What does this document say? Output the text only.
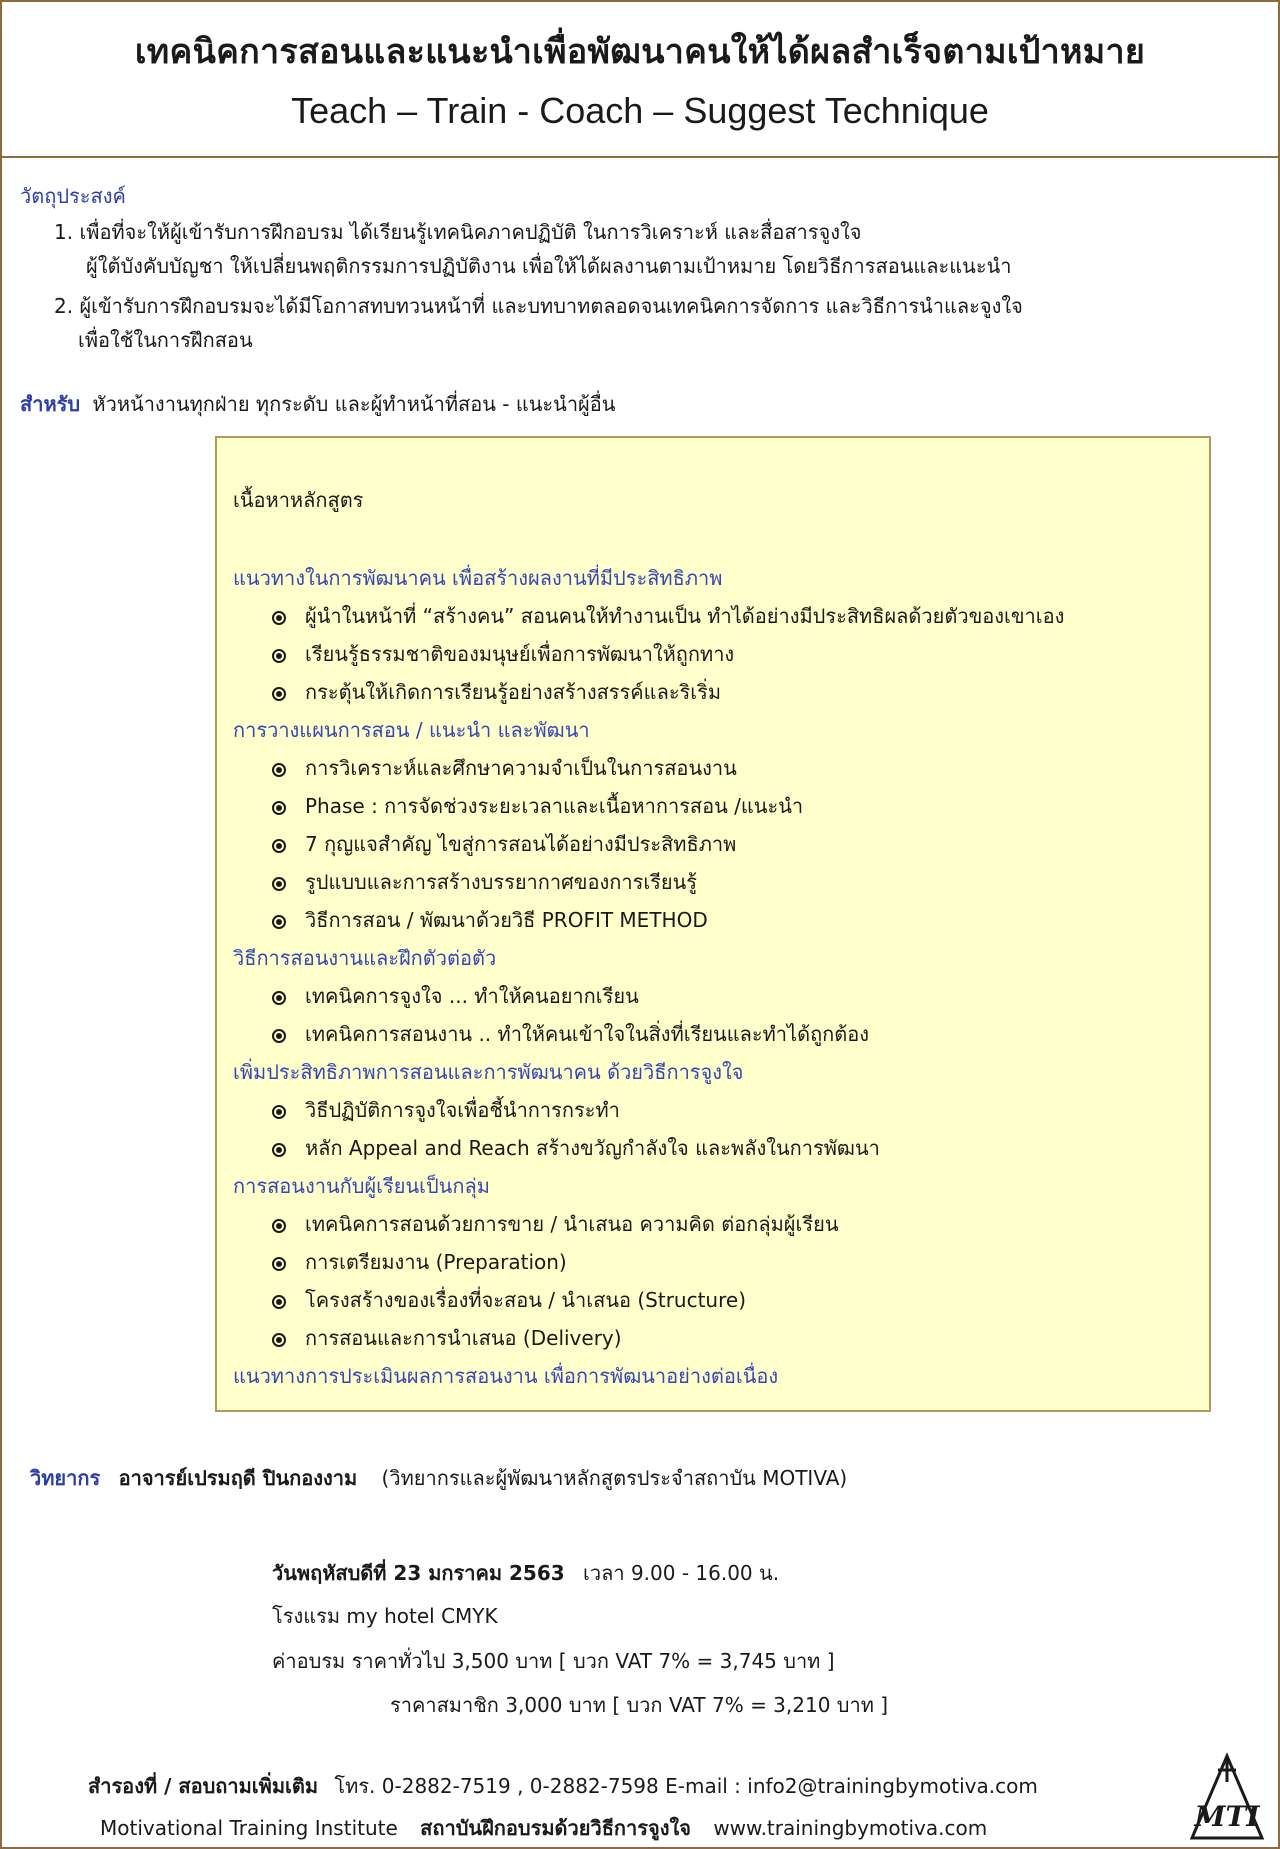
เทคนิคการสอนและแนะนำเพื่อพัฒนาคนให้ได้ผลสำเร็จตามเป้าหมาย
Teach – Train - Coach – Suggest Technique
วัตถุประสงค์
1. เพื่อที่จะให้ผู้เข้ารับการฝึกอบรม ได้เรียนรู้เทคนิคภาคปฏิบัติ ในการวิเคราะห์ และสื่อสารจูงใจ
ผู้ใต้บังคับบัญชา ให้เปลี่ยนพฤติกรรมการปฏิบัติงาน เพื่อให้ได้ผลงานตามเป้าหมาย โดยวิธีการสอนและแนะนำ
2. ผู้เข้ารับการฝึกอบรมจะได้มีโอกาสทบทวนหน้าที่ และบทบาทตลอดจนเทคนิคการจัดการ และวิธีการนำและจูงใจ
เพื่อใช้ในการฝึกสอน
สำหรับ หัวหน้างานทุกฝ่าย ทุกระดับ และผู้ทำหน้าที่สอน - แนะนำผู้อื่น
เนื้อหาหลักสูตร
แนวทางในการพัฒนาคน เพื่อสร้างผลงานที่มีประสิทธิภาพ
ผู้นำในหน้าที่ “สร้างคน” สอนคนให้ทำงานเป็น ทำได้อย่างมีประสิทธิผลด้วยตัวของเขาเอง
เรียนรู้ธรรมชาติของมนุษย์เพื่อการพัฒนาให้ถูกทาง
กระตุ้นให้เกิดการเรียนรู้อย่างสร้างสรรค์และริเริ่ม
การวางแผนการสอน / แนะนำ และพัฒนา
การวิเคราะห์และศึกษาความจำเป็นในการสอนงาน
Phase : การจัดช่วงระยะเวลาและเนื้อหาการสอน /แนะนำ
7 กุญแจสำคัญ ไขสู่การสอนได้อย่างมีประสิทธิภาพ
รูปแบบและการสร้างบรรยากาศของการเรียนรู้
วิธีการสอน / พัฒนาด้วยวิธี PROFIT METHOD
วิธีการสอนงานและฝึกตัวต่อตัว
เทคนิคการจูงใจ ... ทำให้คนอยากเรียน
เทคนิคการสอนงาน .. ทำให้คนเข้าใจในสิ่งที่เรียนและทำได้ถูกต้อง
เพิ่มประสิทธิภาพการสอนและการพัฒนาคน ด้วยวิธีการจูงใจ
วิธีปฏิบัติการจูงใจเพื่อชี้นำการกระทำ
หลัก Appeal and Reach สร้างขวัญกำลังใจ และพลังในการพัฒนา
การสอนงานกับผู้เรียนเป็นกลุ่ม
เทคนิคการสอนด้วยการขาย / นำเสนอ ความคิด ต่อกลุ่มผู้เรียน
การเตรียมงาน (Preparation)
โครงสร้างของเรื่องที่จะสอน / นำเสนอ (Structure)
การสอนและการนำเสนอ (Delivery)
แนวทางการประเมินผลการสอนงาน เพื่อการพัฒนาอย่างต่อเนื่อง
วิทยากร อาจารย์เปรมฤดี ปินกองงาม (วิทยากรและผู้พัฒนาหลักสูตรประจำสถาบัน MOTIVA)
วันพฤหัสบดีที่ 23 มกราคม 2563 เวลา 9.00 - 16.00 น.
โรงแรม my hotel CMYK
ค่าอบรม ราคาทั่วไป 3,500 บาท [ บวก VAT 7% = 3,745 บาท ]
ราคาสมาชิก 3,000 บาท [ บวก VAT 7% = 3,210 บาท ]
สำรองที่ / สอบถามเพิ่มเติม โทร. 0-2882-7519 , 0-2882-7598 E-mail : info2@trainingbymotiva.com
Motivational Training Institute สถาบันฝึกอบรมด้วยวิธีการจูงใจ www.trainingbymotiva.com	MTI
